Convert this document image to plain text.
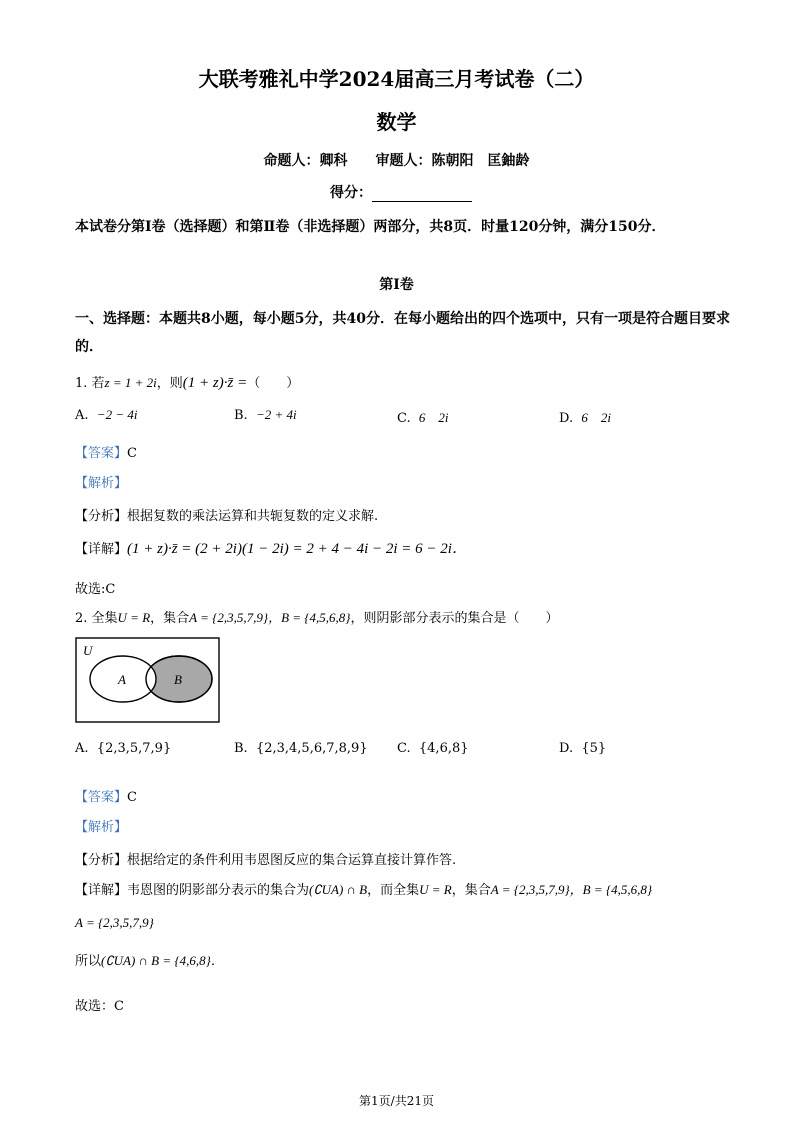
大联考雅礼中学2024届高三月考试卷（二）
数学
命题人：卿科　　审题人：陈朝阳　匡鈾龄
得分：
本试卷分第Ⅰ卷（选择题）和第Ⅱ卷（非选择题）两部分，共8页．时量120分钟，满分150分．
第Ⅰ卷
一、选择题：本题共8小题，每小题5分，共40分．在每小题给出的四个选项中，只有一项是符合题目要求的．
1. 若z = 1 + 2i，则(1 + z)·z̄ =（　　）
A. −2 − 4i	B. −2 + 4i	C. 6　2i	D. 6　2i
【答案】C
【解析】
【分析】根据复数的乘法运算和共轭复数的定义求解.
【详解】(1 + z)·z̄ = (2 + 2i)(1 − 2i) = 2 + 4 − 4i − 2i = 6 − 2i．
故选:C
2. 全集U = R，集合A = {2,3,5,7,9}，B = {4,5,6,8}，则阴影部分表示的集合是（　　）
U
A	B
A. {2,3,5,7,9}	B. {2,3,4,5,6,7,8,9} C. {4,6,8}	D. {5}
【答案】C
【解析】
【分析】根据给定的条件利用韦恩图反应的集合运算直接计算作答.
【详解】韦恩图的阴影部分表示的集合为(∁UA) ∩ B，而全集U = R，集合A = {2,3,5,7,9}，B = {4,5,6,8}
A = {2,3,5,7,9}
所以(∁UA) ∩ B = {4,6,8}．
故选：C
第1页/共21页
